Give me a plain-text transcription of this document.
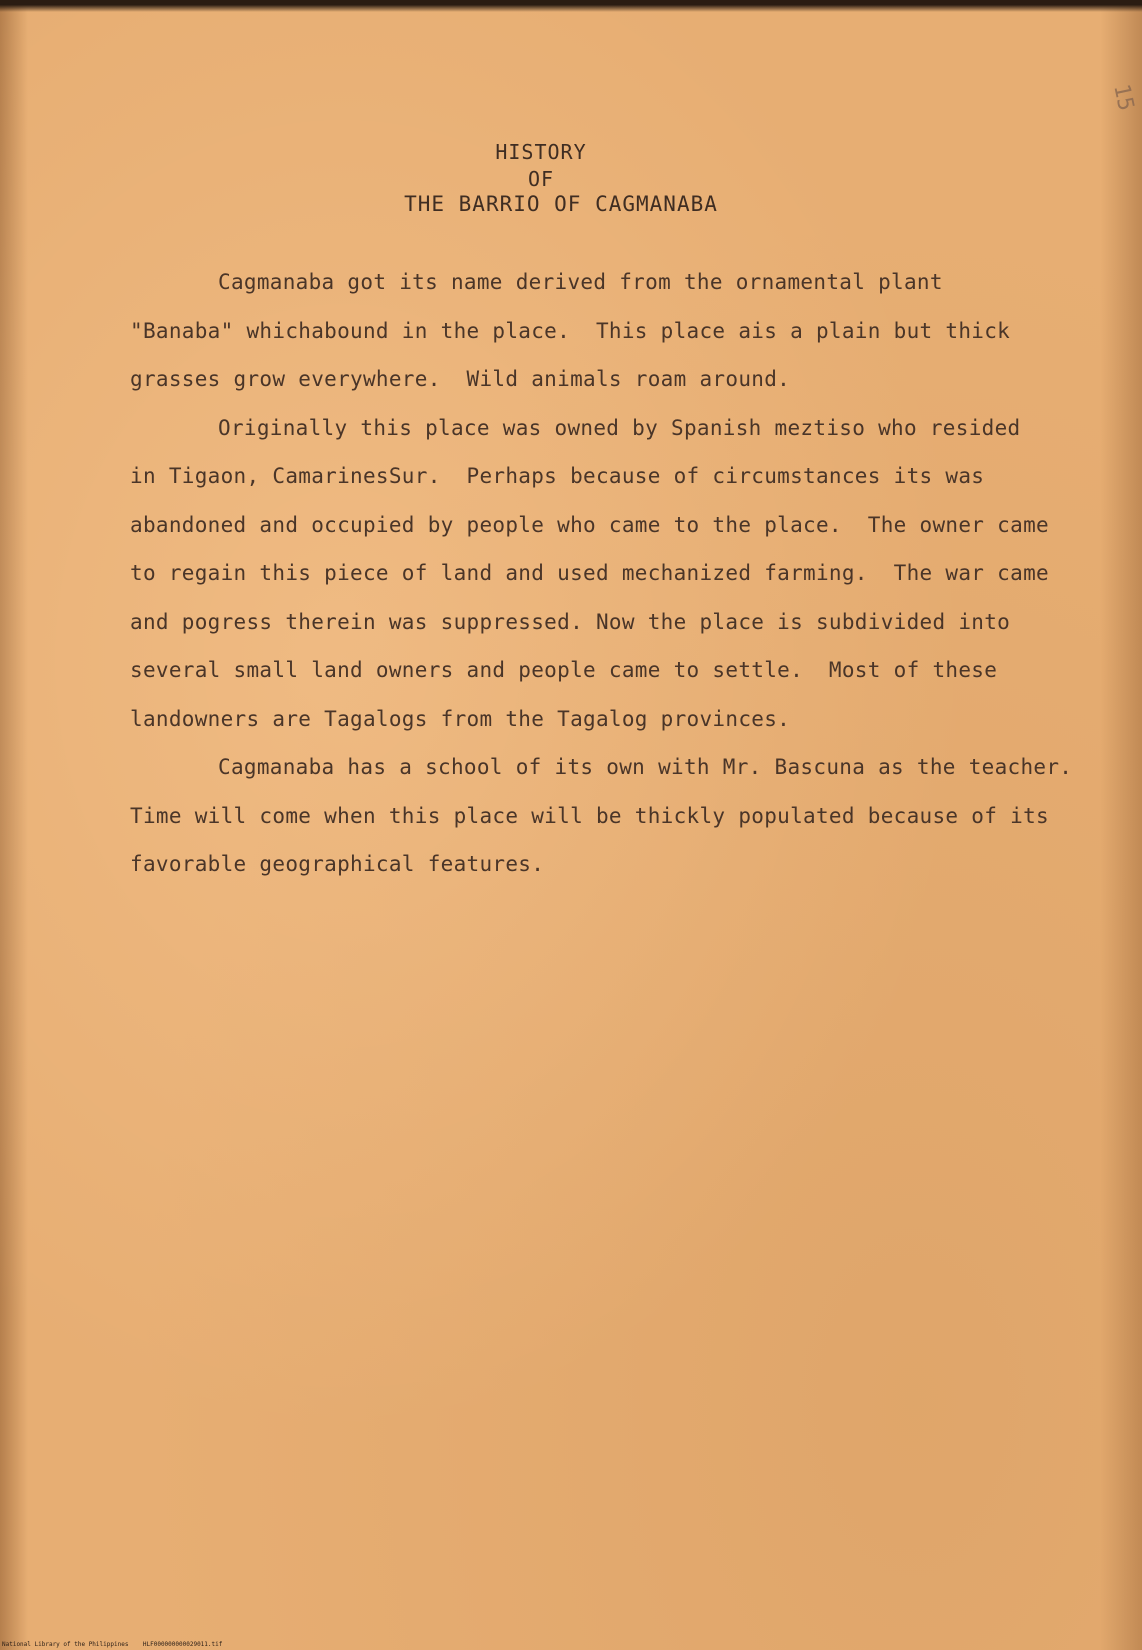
15
HISTORY
OF
THE BARRIO OF CAGMANABA
Cagmanaba got its name derived from the ornamental plant
"Banaba" whichabound in the place.  This place ais a plain but thick
grasses grow everywhere.  Wild animals roam around.
Originally this place was owned by Spanish meztiso who resided
in Tigaon, CamarinesSur.  Perhaps because of circumstances its was
abandoned and occupied by people who came to the place.  The owner came
to regain this piece of land and used mechanized farming.  The war came
and pogress therein was suppressed. Now the place is subdivided into
several small land owners and people came to settle.  Most of these
landowners are Tagalogs from the Tagalog provinces.
Cagmanaba has a school of its own with Mr. Bascuna as the teacher.
Time will come when this place will be thickly populated because of its
favorable geographical features.
National Library of the Philippines    HLF000000000029011.tif
